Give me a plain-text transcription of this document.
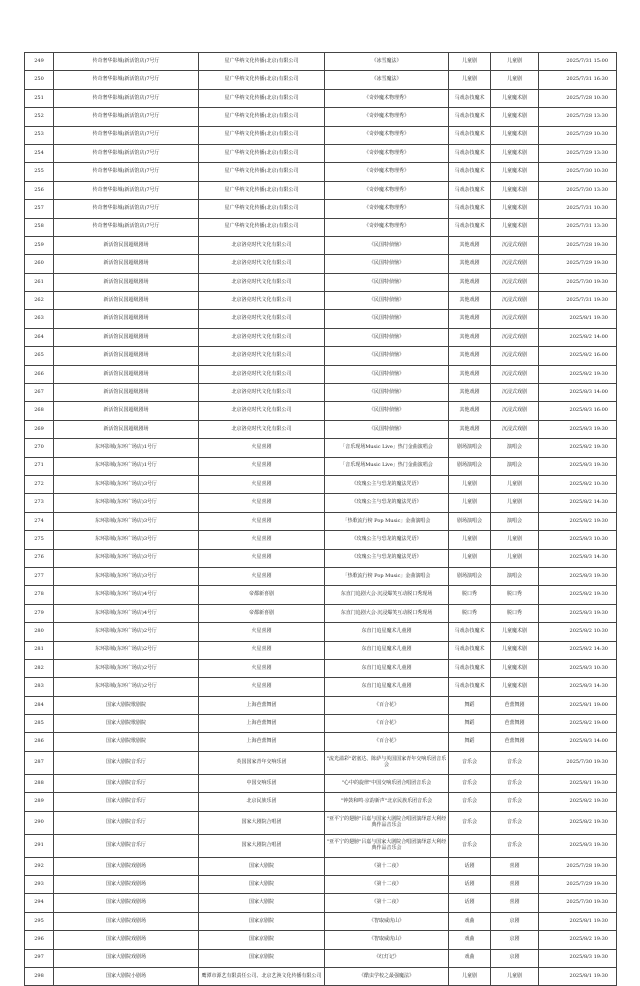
249	传奇奢华影城(新活馆店)7号厅	星广华纳文化传播(北京)有限公司	《冰雪魔法》	儿童剧	儿童剧	2025/7/31 15:00
250	传奇奢华影城(新活馆店)7号厅	星广华纳文化传播(北京)有限公司	《冰雪魔法》	儿童剧	儿童剧	2025/7/31 16:30
251	传奇奢华影城(新活馆店)7号厅	星广华纳文化传播(北京)有限公司	《奇妙魔术物理秀》	马戏杂技魔术	儿童魔术剧	2025/7/28 10:30
252	传奇奢华影城(新活馆店)7号厅	星广华纳文化传播(北京)有限公司	《奇妙魔术物理秀》	马戏杂技魔术	儿童魔术剧	2025/7/28 13:30
253	传奇奢华影城(新活馆店)7号厅	星广华纳文化传播(北京)有限公司	《奇妙魔术物理秀》	马戏杂技魔术	儿童魔术剧	2025/7/29 10:30
254	传奇奢华影城(新活馆店)7号厅	星广华纳文化传播(北京)有限公司	《奇妙魔术物理秀》	马戏杂技魔术	儿童魔术剧	2025/7/29 13:30
255	传奇奢华影城(新活馆店)7号厅	星广华纳文化传播(北京)有限公司	《奇妙魔术物理秀》	马戏杂技魔术	儿童魔术剧	2025/7/30 10:30
256	传奇奢华影城(新活馆店)7号厅	星广华纳文化传播(北京)有限公司	《奇妙魔术物理秀》	马戏杂技魔术	儿童魔术剧	2025/7/30 13:30
257	传奇奢华影城(新活馆店)7号厅	星广华纳文化传播(北京)有限公司	《奇妙魔术物理秀》	马戏杂技魔术	儿童魔术剧	2025/7/31 10:30
258	传奇奢华影城(新活馆店)7号厅	星广华纳文化传播(北京)有限公司	《奇妙魔术物理秀》	马戏杂技魔术	儿童魔术剧	2025/7/31 13:30
259	新活馆民国超级剧场	北京洛克时代文化有限公司	《民国特侦恼》	其他戏剧	沉浸式戏剧	2025/7/28 19:30
260	新活馆民国超级剧场	北京洛克时代文化有限公司	《民国特侦恼》	其他戏剧	沉浸式戏剧	2025/7/29 19:30
261	新活馆民国超级剧场	北京洛克时代文化有限公司	《民国特侦恼》	其他戏剧	沉浸式戏剧	2025/7/30 19:30
262	新活馆民国超级剧场	北京洛克时代文化有限公司	《民国特侦恼》	其他戏剧	沉浸式戏剧	2025/7/31 19:30
263	新活馆民国超级剧场	北京洛克时代文化有限公司	《民国特侦恼》	其他戏剧	沉浸式戏剧	2025/8/1 19:30
264	新活馆民国超级剧场	北京洛克时代文化有限公司	《民国特侦恼》	其他戏剧	沉浸式戏剧	2025/8/2 14:00
265	新活馆民国超级剧场	北京洛克时代文化有限公司	《民国特侦恼》	其他戏剧	沉浸式戏剧	2025/8/2 16:00
266	新活馆民国超级剧场	北京洛克时代文化有限公司	《民国特侦恼》	其他戏剧	沉浸式戏剧	2025/8/2 19:30
267	新活馆民国超级剧场	北京洛克时代文化有限公司	《民国特侦恼》	其他戏剧	沉浸式戏剧	2025/8/3 14:00
268	新活馆民国超级剧场	北京洛克时代文化有限公司	《民国特侦恼》	其他戏剧	沉浸式戏剧	2025/8/3 16:00
269	新活馆民国超级剧场	北京洛克时代文化有限公司	《民国特侦恼》	其他戏剧	沉浸式戏剧	2025/8/3 19:30
270	东环影城(东环广场店)1号厅	火星喜剧	「音乐现场Music Live」热门金曲演唱会	剧场演唱会	演唱会	2025/8/2 19:30
271	东环影城(东环广场店)1号厅	火星喜剧	「音乐现场Music Live」热门金曲演唱会	剧场演唱会	演唱会	2025/8/3 19:30
272	东环影城(东环广场店)3号厅	火星喜剧	《玫瑰公主与恐龙的魔法咒语》	儿童剧	儿童剧	2025/8/2 10:30
273	东环影城(东环广场店)3号厅	火星喜剧	《玫瑰公主与恐龙的魔法咒语》	儿童剧	儿童剧	2025/8/2 14:30
274	东环影城(东环广场店)3号厅	火星喜剧	「热歌流行榜 Pop Music」金曲演唱会	剧场演唱会	演唱会	2025/8/2 19:30
275	东环影城(东环广场店)3号厅	火星喜剧	《玫瑰公主与恐龙的魔法咒语》	儿童剧	儿童剧	2025/8/3 10:30
276	东环影城(东环广场店)3号厅	火星喜剧	《玫瑰公主与恐龙的魔法咒语》	儿童剧	儿童剧	2025/8/3 14:30
277	东环影城(东环广场店)3号厅	火星喜剧	「热歌流行榜 Pop Music」金曲演唱会	剧场演唱会	演唱会	2025/8/3 19:30
278	东环影城(东环广场店)4号厅	帝都新喜剧	东直门追剧大会·沉浸爆笑互动脱口秀现场	脱口秀	脱口秀	2025/8/2 19:30
279	东环影城(东环广场店)4号厅	帝都新喜剧	东直门追剧大会·沉浸爆笑互动脱口秀现场	脱口秀	脱口秀	2025/8/3 19:30
280	东环影城(东环广场店)2号厅	火星喜剧	东直门追星魔术儿童剧	马戏杂技魔术	儿童魔术剧	2025/8/2 10:30
281	东环影城(东环广场店)2号厅	火星喜剧	东直门追星魔术儿童剧	马戏杂技魔术	儿童魔术剧	2025/8/2 14:30
282	东环影城(东环广场店)2号厅	火星喜剧	东直门追星魔术儿童剧	马戏杂技魔术	儿童魔术剧	2025/8/3 10:30
283	东环影城(东环广场店)2号厅	火星喜剧	东直门追星魔术儿童剧	马戏杂技魔术	儿童魔术剧	2025/8/3 14:30
284	国家大剧院歌剧院	上海芭蕾舞团	《百合花》	舞蹈	芭蕾舞剧	2025/8/1 19:00
285	国家大剧院歌剧院	上海芭蕾舞团	《百合花》	舞蹈	芭蕾舞剧	2025/8/2 19:00
286	国家大剧院歌剧院	上海芭蕾舞团	《百合花》	舞蹈	芭蕾舞剧	2025/8/3 14:00
287	国家大剧院音乐厅	英国国家青年交响乐团	"流光溢彩"诺塞达、陈萨与英国国家青年交响乐团音乐会	音乐会	音乐会	2025/7/30 19:30
288	国家大剧院音乐厅	中国交响乐团	"心中的旋律"中国交响乐团合唱团音乐会	音乐会	音乐会	2025/8/1 19:30
289	国家大剧院音乐厅	北京民族乐团	"钟鼓和鸣·京韵新声"北京民族乐团音乐会	音乐会	音乐会	2025/8/2 19:30
290	国家大剧院音乐厅	国家大剧院合唱团	"亚平宁的翅膀"吕嘉与国家大剧院合唱团演绎意大利经典作品音乐会	音乐会	音乐会	2025/8/2 19:30
291	国家大剧院音乐厅	国家大剧院合唱团	"亚平宁的翅膀"吕嘉与国家大剧院合唱团演绎意大利经典作品音乐会	音乐会	音乐会	2025/8/3 19:30
292	国家大剧院戏剧场	国家大剧院	《第十二夜》	话剧	喜剧	2025/7/28 19:30
293	国家大剧院戏剧场	国家大剧院	《第十二夜》	话剧	喜剧	2025/7/29 19:30
294	国家大剧院戏剧场	国家大剧院	《第十二夜》	话剧	喜剧	2025/7/30 19:30
295	国家大剧院戏剧场	国家京剧院	《智取威虎山》	戏曲	京剧	2025/8/1 19:30
296	国家大剧院戏剧场	国家京剧院	《智取威虎山》	戏曲	京剧	2025/8/2 19:30
297	国家大剧院戏剧场	国家京剧院	《红灯记》	戏曲	京剧	2025/8/3 19:30
298	国家大剧院小剧场	鹰潭市源艺有限责任公司、北京艺涣文化传播有限公司	《酷虫学校之最强魔法》	儿童剧	儿童剧	2025/8/1 19:30
